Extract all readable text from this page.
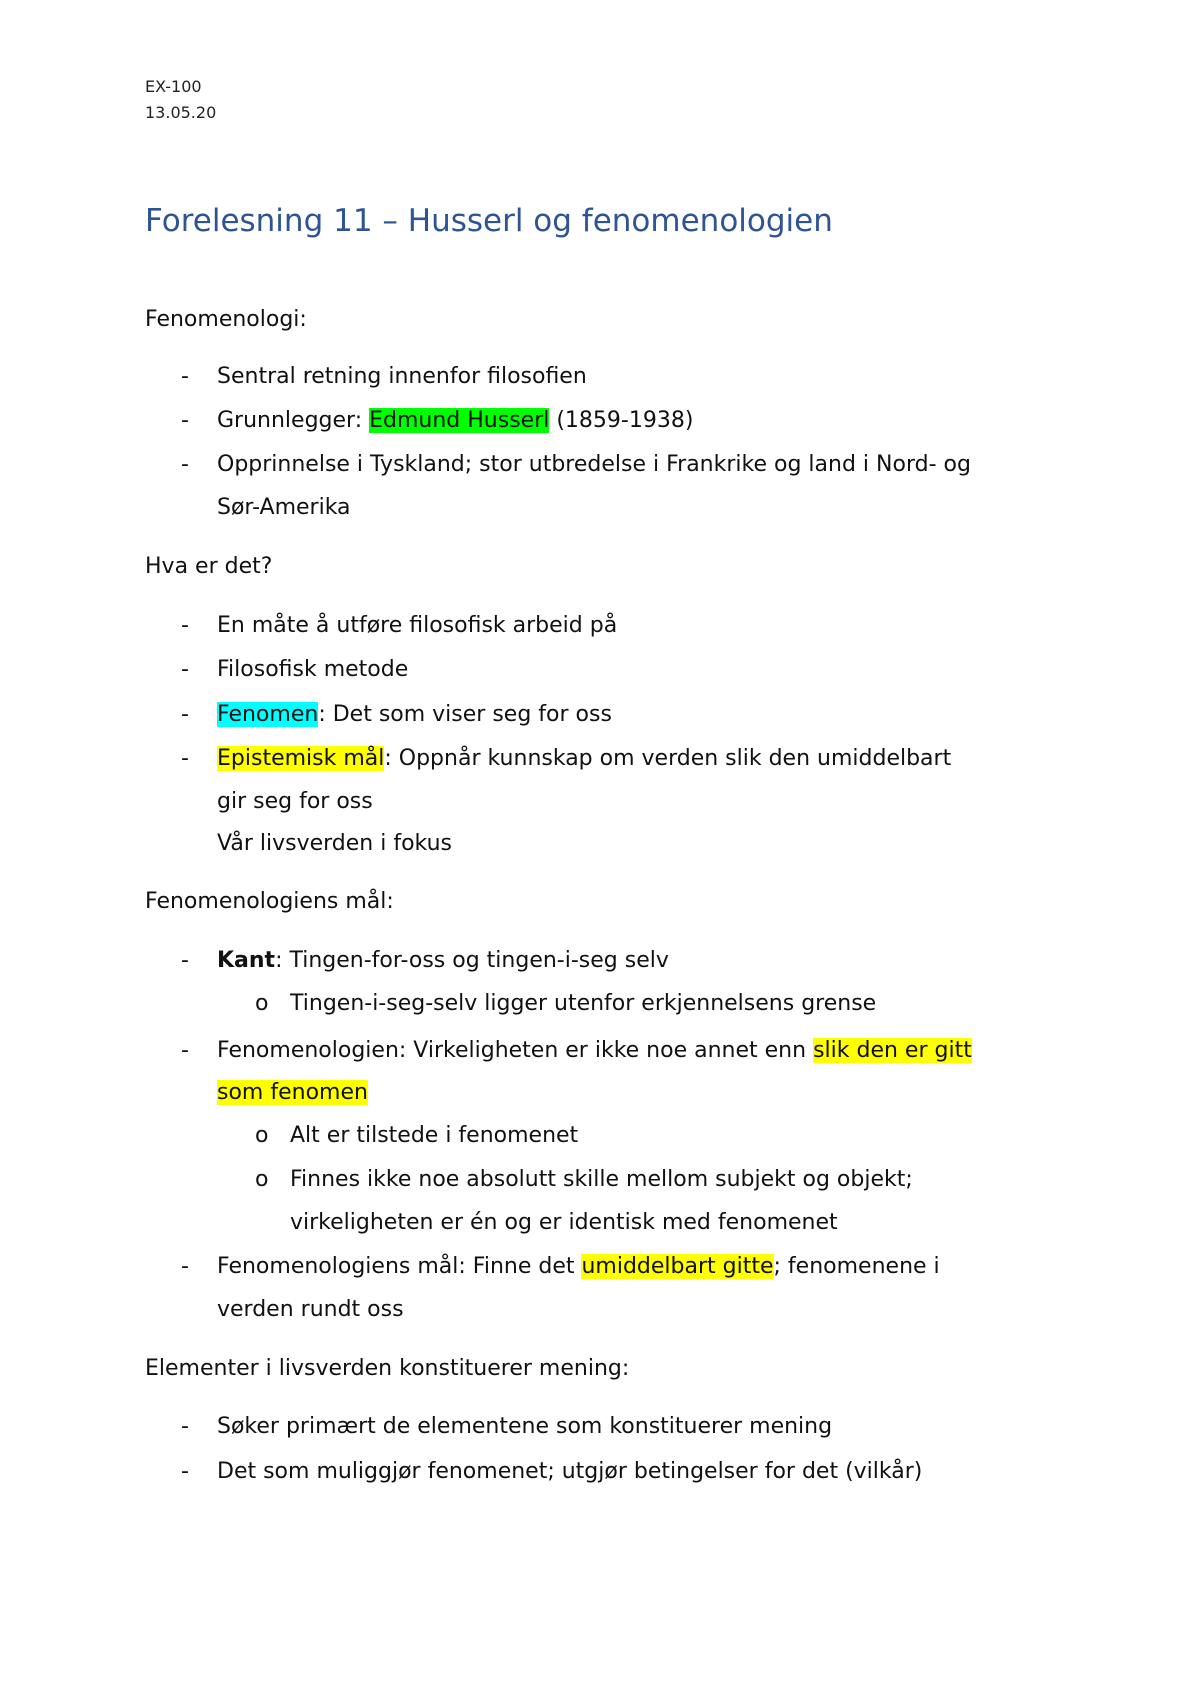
EX-100
13.05.20
Forelesning 11 – Husserl og fenomenologien
Fenomenologi:
- Sentral retning innenfor filosofien
- Grunnlegger: Edmund Husserl (1859-1938)
- Opprinnelse i Tyskland; stor utbredelse i Frankrike og land i Nord- og
Sør-Amerika
Hva er det?
- En måte å utføre filosofisk arbeid på
- Filosofisk metode
- Fenomen: Det som viser seg for oss
- Epistemisk mål: Oppnår kunnskap om verden slik den umiddelbart
gir seg for oss
Vår livsverden i fokus
Fenomenologiens mål:
- Kant: Tingen-for-oss og tingen-i-seg selv
o Tingen-i-seg-selv ligger utenfor erkjennelsens grense
- Fenomenologien: Virkeligheten er ikke noe annet enn slik den er gitt
som fenomen
o Alt er tilstede i fenomenet
o Finnes ikke noe absolutt skille mellom subjekt og objekt;
virkeligheten er én og er identisk med fenomenet
- Fenomenologiens mål: Finne det umiddelbart gitte; fenomenene i
verden rundt oss
Elementer i livsverden konstituerer mening:
- Søker primært de elementene som konstituerer mening
- Det som muliggjør fenomenet; utgjør betingelser for det (vilkår)
